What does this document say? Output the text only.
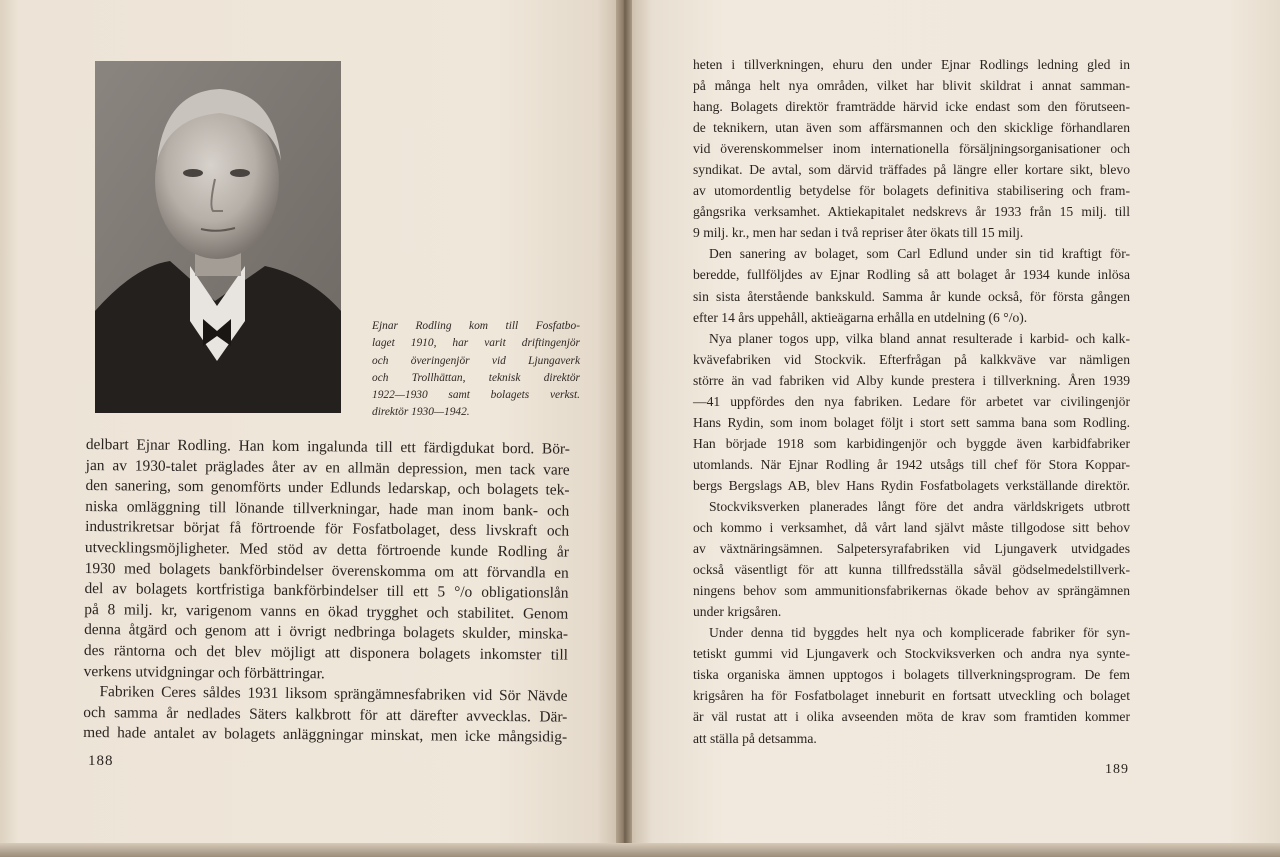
Ejnar Rodling kom till Fosfatbo-
laget 1910, har varit driftingenjör
och överingenjör vid Ljungaverk
och Trollhättan, teknisk direktör
1922—1930 samt bolagets verkst.
direktör 1930—1942.
delbart Ejnar Rodling. Han kom ingalunda till ett färdigdukat bord. Bör-
jan av 1930-talet präglades åter av en allmän depression, men tack vare
den sanering, som genomförts under Edlunds ledarskap, och bolagets tek-
niska omläggning till lönande tillverkningar, hade man inom bank- och
industrikretsar börjat få förtroende för Fosfatbolaget, dess livskraft och
utvecklingsmöjligheter. Med stöd av detta förtroende kunde Rodling år
1930 med bolagets bankförbindelser överenskomma om att förvandla en
del av bolagets kortfristiga bankförbindelser till ett 5 °/o obligationslån
på 8 milj. kr, varigenom vanns en ökad trygghet och stabilitet. Genom
denna åtgärd och genom att i övrigt nedbringa bolagets skulder, minska-
des räntorna och det blev möjligt att disponera bolagets inkomster till
verkens utvidgningar och förbättringar.
Fabriken Ceres såldes 1931 liksom sprängämnesfabriken vid Sör Nävde
och samma år nedlades Säters kalkbrott för att därefter avvecklas. Där-
med hade antalet av bolagets anläggningar minskat, men icke mångsidig-
188
heten i tillverkningen, ehuru den under Ejnar Rodlings ledning gled in
på många helt nya områden, vilket har blivit skildrat i annat samman-
hang. Bolagets direktör framträdde härvid icke endast som den förutseen-
de teknikern, utan även som affärsmannen och den skicklige förhandlaren
vid överenskommelser inom internationella försäljningsorganisationer och
syndikat. De avtal, som därvid träffades på längre eller kortare sikt, blevo
av utomordentlig betydelse för bolagets definitiva stabilisering och fram-
gångsrika verksamhet. Aktiekapitalet nedskrevs år 1933 från 15 milj. till
9 milj. kr., men har sedan i två repriser åter ökats till 15 milj.
Den sanering av bolaget, som Carl Edlund under sin tid kraftigt för-
beredde, fullföljdes av Ejnar Rodling så att bolaget år 1934 kunde inlösa
sin sista återstående bankskuld. Samma år kunde också, för första gången
efter 14 års uppehåll, aktieägarna erhålla en utdelning (6 °/o).
Nya planer togos upp, vilka bland annat resulterade i karbid- och kalk-
kvävefabriken vid Stockvik. Efterfrågan på kalkkväve var nämligen
större än vad fabriken vid Alby kunde prestera i tillverkning. Åren 1939
—41 uppfördes den nya fabriken. Ledare för arbetet var civilingenjör
Hans Rydin, som inom bolaget följt i stort sett samma bana som Rodling.
Han började 1918 som karbidingenjör och byggde även karbidfabriker
utomlands. När Ejnar Rodling år 1942 utsågs till chef för Stora Koppar-
bergs Bergslags AB, blev Hans Rydin Fosfatbolagets verkställande direktör.
Stockviksverken planerades långt före det andra världskrigets utbrott
och kommo i verksamhet, då vårt land självt måste tillgodose sitt behov
av växtnäringsämnen. Salpetersyrafabriken vid Ljungaverk utvidgades
också väsentligt för att kunna tillfredsställa såväl gödselmedelstillverk-
ningens behov som ammunitionsfabrikernas ökade behov av sprängämnen
under krigsåren.
Under denna tid byggdes helt nya och komplicerade fabriker för syn-
tetiskt gummi vid Ljungaverk och Stockviksverken och andra nya synte-
tiska organiska ämnen upptogos i bolagets tillverkningsprogram. De fem
krigsåren ha för Fosfatbolaget inneburit en fortsatt utveckling och bolaget
är väl rustat att i olika avseenden möta de krav som framtiden kommer
att ställa på detsamma.
189
